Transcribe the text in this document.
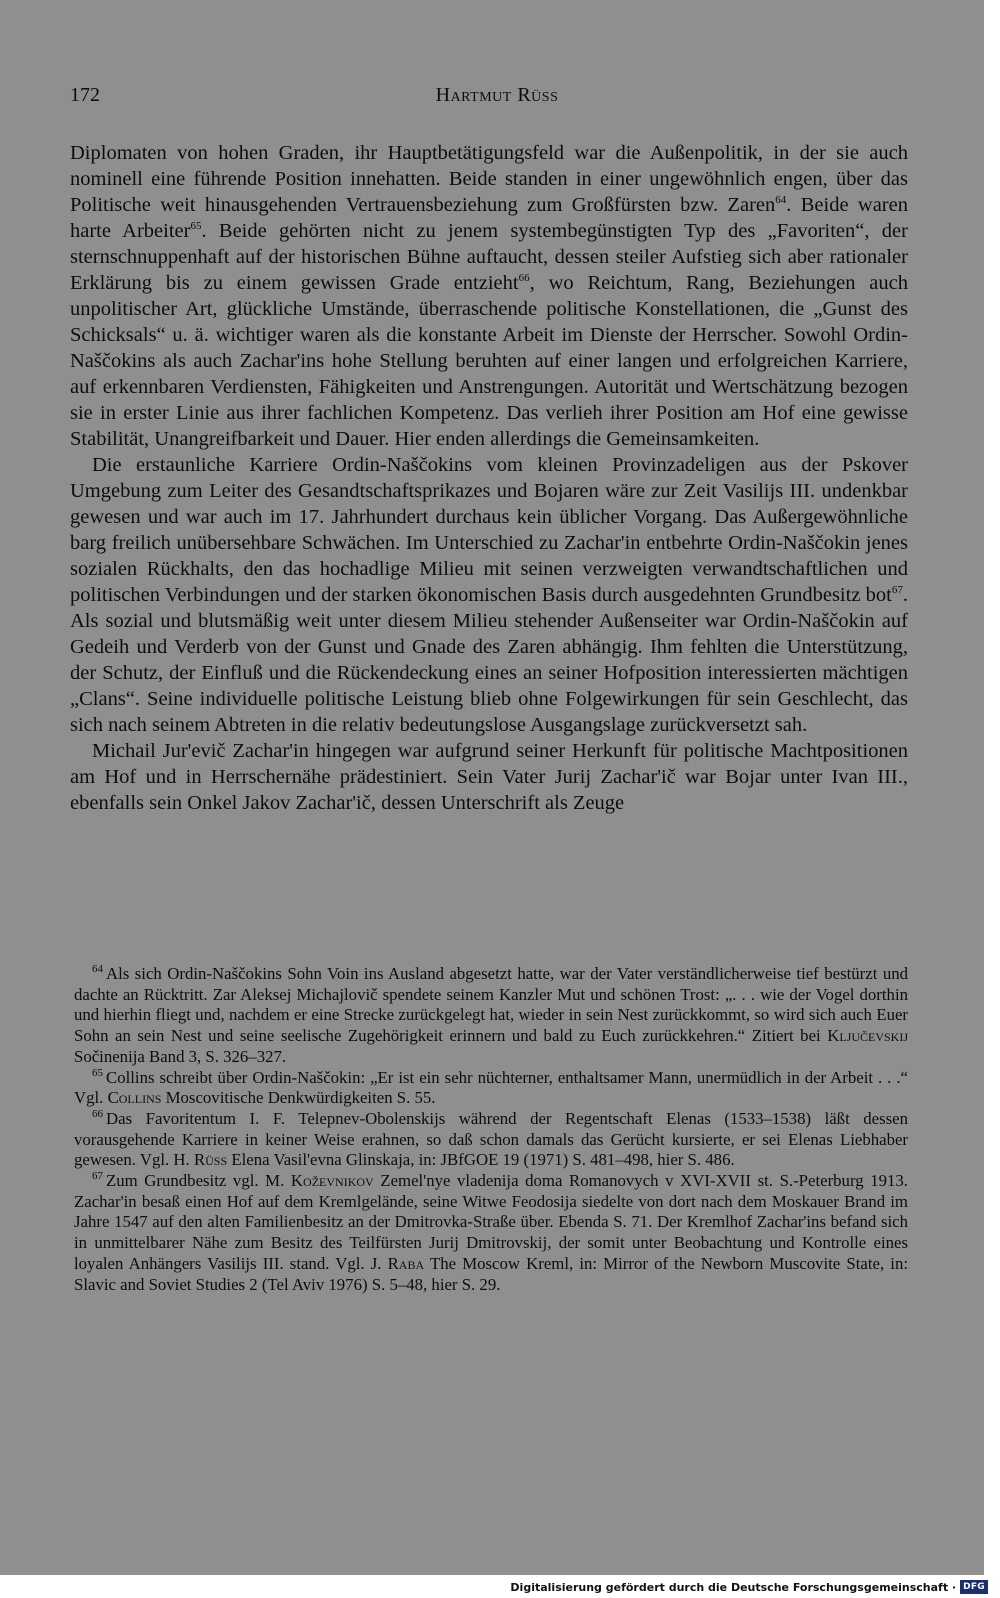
172	Hartmut Rüss

Diplomaten von hohen Graden, ihr Hauptbetätigungsfeld war die Außenpolitik, in der sie auch nominell eine führende Position innehatten. Beide standen in einer ungewöhnlich engen, über das Politische weit hinausgehenden Vertrauensbeziehung zum Großfürsten bzw. Zaren$^{64}$. Beide waren harte Arbeiter$^{65}$. Beide gehörten nicht zu jenem systembegünstigten Typ des „Favoriten“, der sternschnuppenhaft auf der historischen Bühne auftaucht, dessen steiler Aufstieg sich aber rationaler Erklärung bis zu einem gewissen Grade entzieht$^{66}$, wo Reichtum, Rang, Beziehungen auch unpolitischer Art, glückliche Umstände, überraschende politische Konstellationen, die „Gunst des Schicksals“ u. ä. wichtiger waren als die konstante Arbeit im Dienste der Herrscher. Sowohl Ordin-Naščokins als auch Zachar'ins hohe Stellung beruhten auf einer langen und erfolgreichen Karriere, auf erkennbaren Verdiensten, Fähigkeiten und Anstrengungen. Autorität und Wertschätzung bezogen sie in erster Linie aus ihrer fachlichen Kompetenz. Das verlieh ihrer Position am Hof eine gewisse Stabilität, Unangreifbarkeit und Dauer. Hier enden allerdings die Gemeinsamkeiten.

Die erstaunliche Karriere Ordin-Naščokins vom kleinen Provinzadeligen aus der Pskover Umgebung zum Leiter des Gesandtschaftsprikazes und Bojaren wäre zur Zeit Vasilijs III. undenkbar gewesen und war auch im 17. Jahrhundert durchaus kein üblicher Vorgang. Das Außergewöhnliche barg freilich unübersehbare Schwächen. Im Unterschied zu Zachar'in entbehrte Ordin-Naščokin jenes sozialen Rückhalts, den das hochadlige Milieu mit seinen verzweigten verwandtschaftlichen und politischen Verbindungen und der starken ökonomischen Basis durch ausgedehnten Grundbesitz bot$^{67}$. Als sozial und blutsmäßig weit unter diesem Milieu stehender Außenseiter war Ordin-Naščokin auf Gedeih und Verderb von der Gunst und Gnade des Zaren abhängig. Ihm fehlten die Unterstützung, der Schutz, der Einfluß und die Rückendeckung eines an seiner Hofposition interessierten mächtigen „Clans“. Seine individuelle politische Leistung blieb ohne Folgewirkungen für sein Geschlecht, das sich nach seinem Abtreten in die relativ bedeutungslose Ausgangslage zurückversetzt sah.

Michail Jur'evič Zachar'in hingegen war aufgrund seiner Herkunft für politische Machtpositionen am Hof und in Herrschernähe prädestiniert. Sein Vater Jurij Zachar'ič war Bojar unter Ivan III., ebenfalls sein Onkel Jakov Zachar'ič, dessen Unterschrift als Zeuge

$^{64}$ Als sich Ordin-Naščokins Sohn Voin ins Ausland abgesetzt hatte, war der Vater verständlicherweise tief bestürzt und dachte an Rücktritt. Zar Aleksej Michajlovič spendete seinem Kanzler Mut und schönen Trost: „. . . wie der Vogel dorthin und hierhin fliegt und, nachdem er eine Strecke zurückgelegt hat, wieder in sein Nest zurückkommt, so wird sich auch Euer Sohn an sein Nest und seine seelische Zugehörigkeit erinnern und bald zu Euch zurückkehren.“ Zitiert bei Ključevskij Sočinenija Band 3, S. 326–327.

$^{65}$ Collins schreibt über Ordin-Naščokin: „Er ist ein sehr nüchterner, enthaltsamer Mann, unermüdlich in der Arbeit . . .“ Vgl. Collins Moscovitische Denkwürdigkeiten S. 55.

$^{66}$ Das Favoritentum I. F. Telepnev-Obolenskijs während der Regentschaft Elenas (1533–1538) läßt dessen vorausgehende Karriere in keiner Weise erahnen, so daß schon damals das Gerücht kursierte, er sei Elenas Liebhaber gewesen. Vgl. H. Rüss Elena Vasil'evna Glinskaja, in: JBfGOE 19 (1971) S. 481–498, hier S. 486.

$^{67}$ Zum Grundbesitz vgl. M. Koževnikov Zemel'nye vladenija doma Romanovych v XVI-XVII st. S.-Peterburg 1913. Zachar'in besaß einen Hof auf dem Kremlgelände, seine Witwe Feodosija siedelte von dort nach dem Moskauer Brand im Jahre 1547 auf den alten Familienbesitz an der Dmitrovka-Straße über. Ebenda S. 71. Der Kremlhof Zachar'ins befand sich in unmittelbarer Nähe zum Besitz des Teilfürsten Jurij Dmitrovskij, der somit unter Beobachtung und Kontrolle eines loyalen Anhängers Vasilijs III. stand. Vgl. J. Raba The Moscow Kreml, in: Mirror of the Newborn Muscovite State, in: Slavic and Soviet Studies 2 (Tel Aviv 1976) S. 5–48, hier S. 29.

Digitalisierung gefördert durch die Deutsche Forschungsgemeinschaft · DFG
